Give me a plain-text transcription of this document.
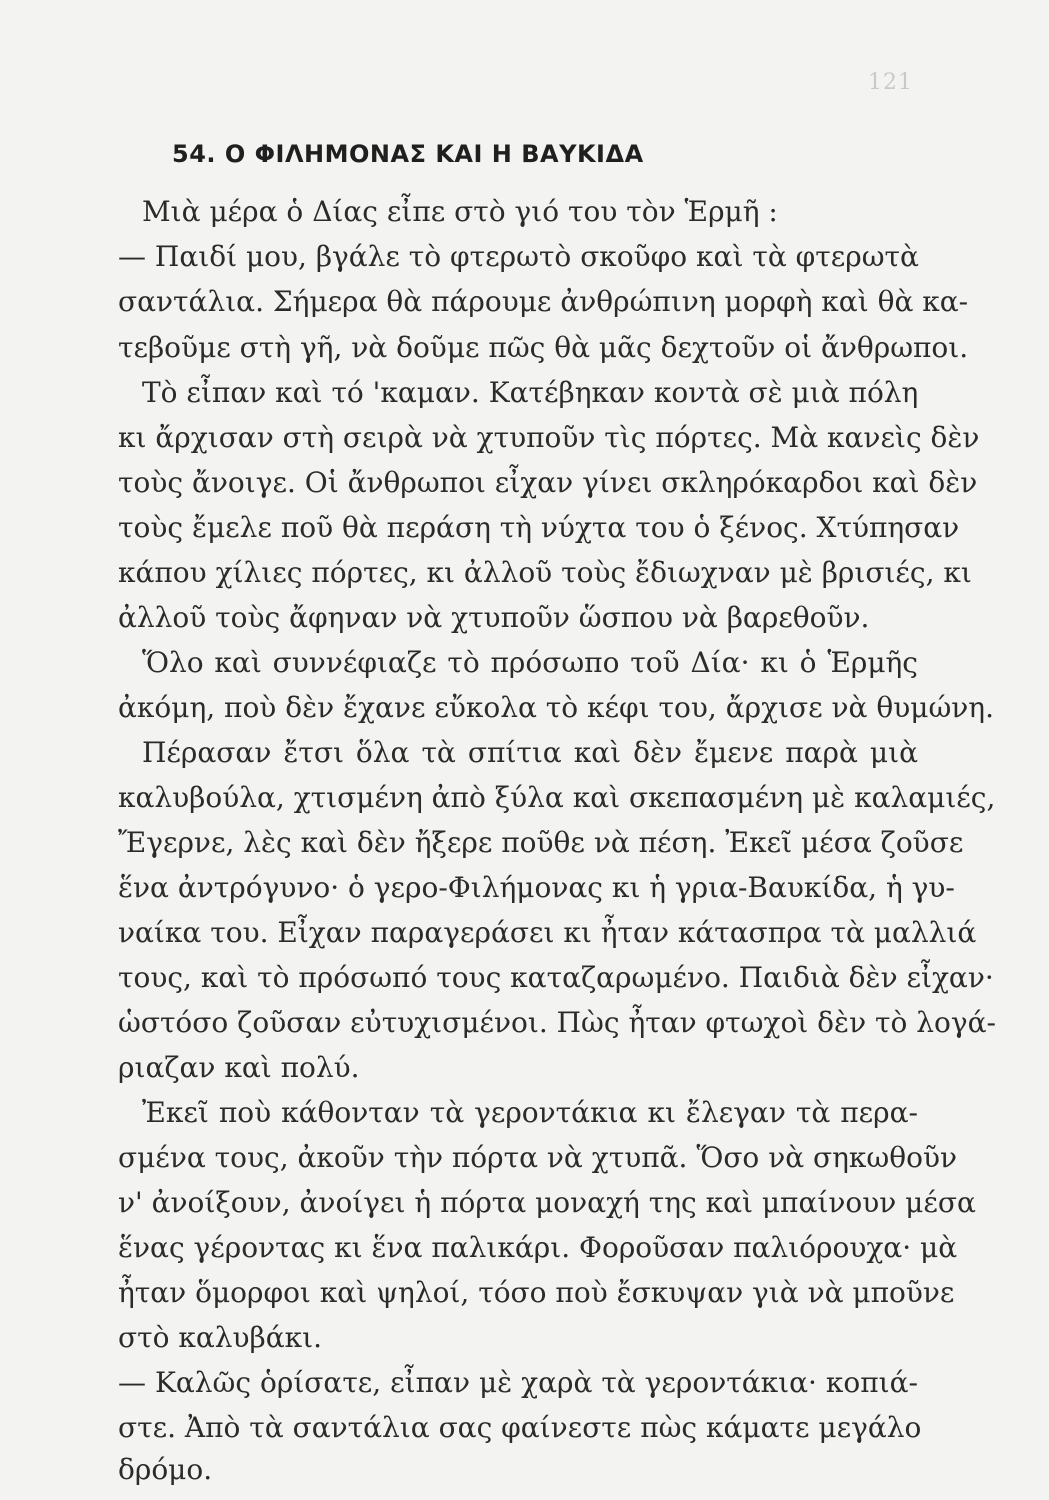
121
54. Ο ΦΙΛΗΜΟΝΑΣ ΚΑΙ Η ΒΑΥΚΙΔΑ
Μιὰ μέρα ὁ Δίας εἶπε στὸ γιό του τὸν Ἑρμῆ :
— Παιδί μου, βγάλε τὸ φτερωτὸ σκοῦφο καὶ τὰ φτερωτὰ
σαντάλια. Σήμερα θὰ πάρουμε ἀνθρώπινη μορφὴ καὶ θὰ κα-
τεβοῦμε στὴ γῆ, νὰ δοῦμε πῶς θὰ μᾶς δεχτοῦν οἱ ἄνθρωποι.
Τὸ εἶπαν καὶ τό 'καμαν. Κατέβηκαν κοντὰ σὲ μιὰ πόλη
κι ἄρχισαν στὴ σειρὰ νὰ χτυποῦν τὶς πόρτες. Μὰ κανεὶς δὲν
τοὺς ἄνοιγε. Οἱ ἄνθρωποι εἶχαν γίνει σκληρόκαρδοι καὶ δὲν
τοὺς ἔμελε ποῦ θὰ περάση τὴ νύχτα του ὁ ξένος. Χτύπησαν
κάπου χίλιες πόρτες, κι ἀλλοῦ τοὺς ἔδιωχναν μὲ βρισιές, κι
ἀλλοῦ τοὺς ἄφηναν νὰ χτυποῦν ὥσπου νὰ βαρεθοῦν.
Ὅλο καὶ συννέφιαζε τὸ πρόσωπο τοῦ Δία· κι ὁ Ἑρμῆς
ἀκόμη, ποὺ δὲν ἔχανε εὔκολα τὸ κέφι του, ἄρχισε νὰ θυμώνη.
Πέρασαν ἔτσι ὅλα τὰ σπίτια καὶ δὲν ἔμενε παρὰ μιὰ
καλυβούλα, χτισμένη ἀπὸ ξύλα καὶ σκεπασμένη μὲ καλαμιές,
Ἔγερνε, λὲς καὶ δὲν ἤξερε ποῦθε νὰ πέση. Ἐκεῖ μέσα ζοῦσε
ἕνα ἀντρόγυνο· ὁ γερο-Φιλήμονας κι ἡ γρια-Βαυκίδα, ἡ γυ-
ναίκα του. Εἶχαν παραγεράσει κι ἦταν κάτασπρα τὰ μαλλιά
τους, καὶ τὸ πρόσωπό τους καταζαρωμένο. Παιδιὰ δὲν εἶχαν·
ὡστόσο ζοῦσαν εὐτυχισμένοι. Πὼς ἦταν φτωχοὶ δὲν τὸ λογά-
ριαζαν καὶ πολύ.
Ἐκεῖ ποὺ κάθονταν τὰ γεροντάκια κι ἔλεγαν τὰ περα-
σμένα τους, ἀκοῦν τὴν πόρτα νὰ χτυπᾶ. Ὅσο νὰ σηκωθοῦν
ν' ἀνοίξουν, ἀνοίγει ἡ πόρτα μοναχή της καὶ μπαίνουν μέσα
ἕνας γέροντας κι ἕνα παλικάρι. Φοροῦσαν παλιόρουχα· μὰ
ἦταν ὅμορφοι καὶ ψηλοί, τόσο ποὺ ἔσκυψαν γιὰ νὰ μποῦνε
στὸ καλυβάκι.
— Καλῶς ὁρίσατε, εἶπαν μὲ χαρὰ τὰ γεροντάκια· κοπιά-
στε. Ἀπὸ τὰ σαντάλια σας φαίνεστε πὼς κάματε μεγάλο
δρόμο.
